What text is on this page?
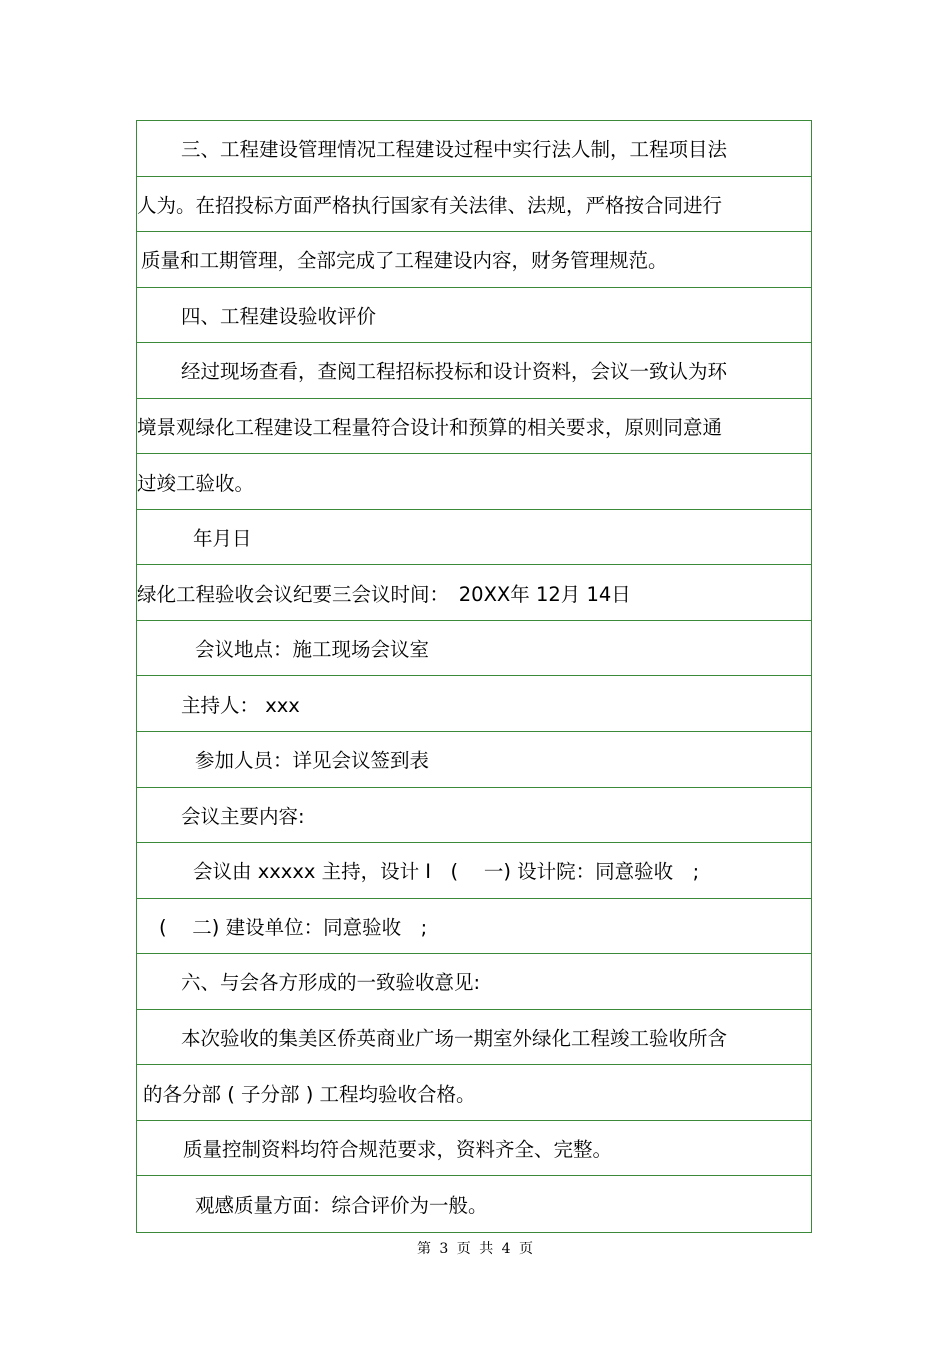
三、工程建设管理情况工程建设过程中实行法人制，工程项目法
人为。在招投标方面严格执行国家有关法律、法规，严格按合同进行
质量和工期管理，全部完成了工程建设内容，财务管理规范。
四、工程建设验收评价
经过现场查看，查阅工程招标投标和设计资料，会议一致认为环
境景观绿化工程建设工程量符合设计和预算的相关要求，原则同意通
过竣工验收。
年月日
绿化工程验收会议纪要三会议时间：　20XX年 12月 14日
会议地点：施工现场会议室
主持人： xxx
参加人员：详见会议签到表
会议主要内容:
会议由 xxxxx 主持，设计 Ⅰ　(　 一) 设计院：同意验收　;
(　 二) 建设单位：同意验收　;
六、与会各方形成的一致验收意见:
本次验收的集美区侨英商业广场一期室外绿化工程竣工验收所含
的各分部 ( 子分部 ) 工程均验收合格。
质量控制资料均符合规范要求，资料齐全、完整。
观感质量方面：综合评价为一般。
第 3 页 共 4 页
